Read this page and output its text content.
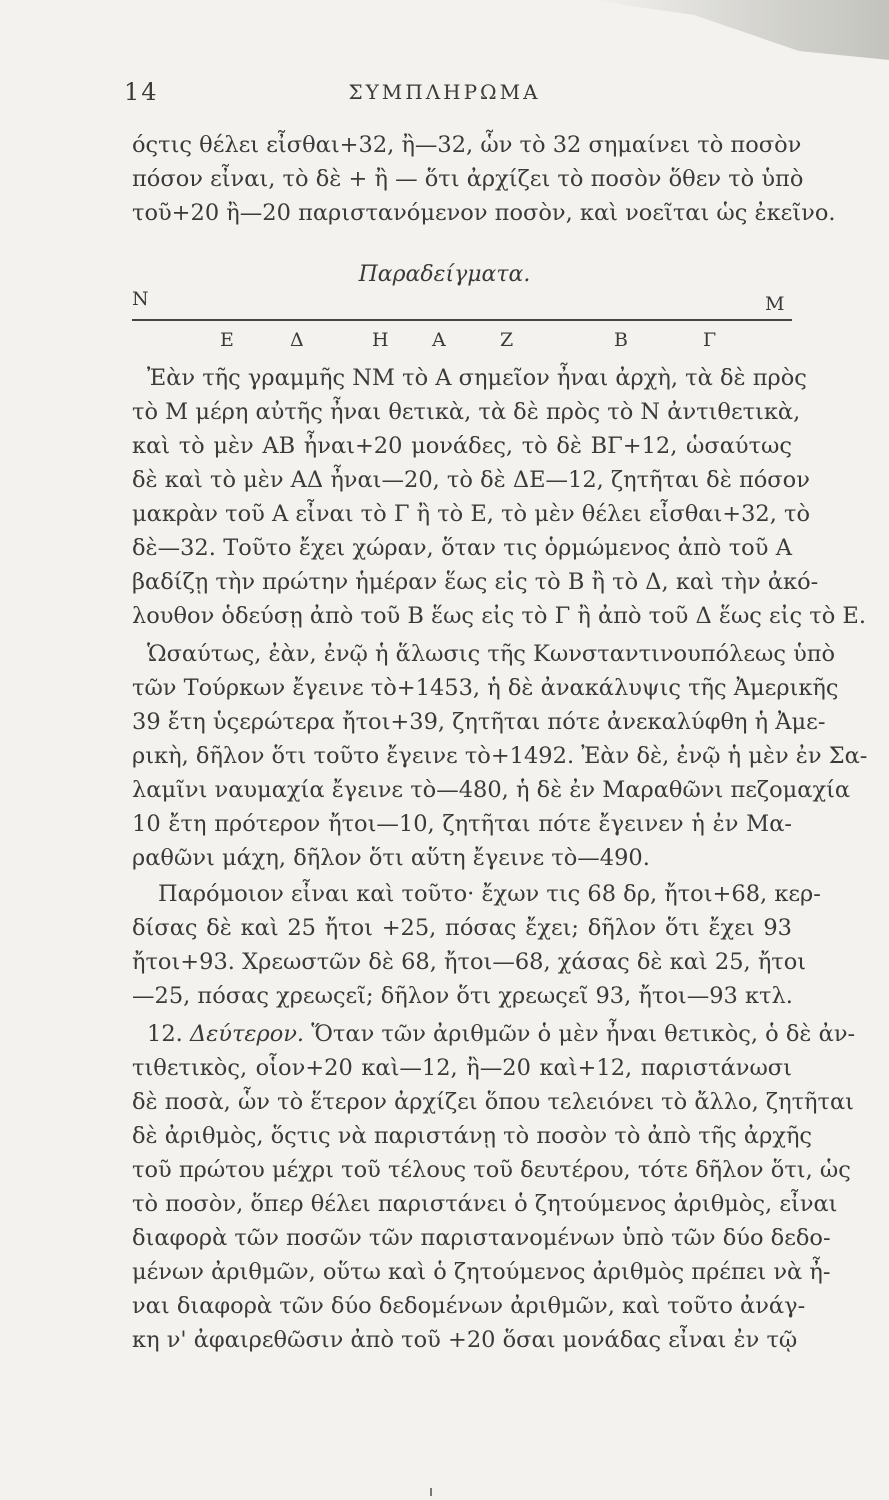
14	ΣΥΜΠΛΗΡΩΜΑ
όςτις θέλει εἶσθαι+32, ἢ—32, ὧν τὸ 32 σημαίνει τὸ ποσὸν
πόσον εἶναι, τὸ δὲ + ἢ — ὅτι ἀρχίζει τὸ ποσὸν ὅθεν τὸ ὑπὸ
τοῦ+20 ἢ—20 παριστανόμενον ποσὸν, καὶ νοεῖται ὡς ἐκεῖνο.
Παραδείγματα.
N	M
E	Δ	H A	Z	B	Γ
Ἐὰν τῆς γραμμῆς ΝΜ τὸ Α σημεῖον ἦναι ἀρχὴ, τὰ δὲ πρὸς
τὸ Μ μέρη αὐτῆς ἦναι θετικὰ, τὰ δὲ πρὸς τὸ Ν ἀντιθετικὰ,
καὶ τὸ μὲν ΑΒ ἦναι+20 μονάδες, τὸ δὲ ΒΓ+12, ὡσαύτως
δὲ καὶ τὸ μὲν ΑΔ ἦναι—20, τὸ δὲ ΔΕ—12, ζητῆται δὲ πόσον
μακρὰν τοῦ Α εἶναι τὸ Γ ἢ τὸ Ε, τὸ μὲν θέλει εἶσθαι+32, τὸ
δὲ—32. Τοῦτο ἔχει χώραν, ὅταν τις ὁρμώμενος ἀπὸ τοῦ Α
βαδίζῃ τὴν πρώτην ἡμέραν ἕως εἰς τὸ Β ἢ τὸ Δ, καὶ τὴν ἀκό-
λουθον ὁδεύσῃ ἀπὸ τοῦ Β ἕως εἰς τὸ Γ ἢ ἀπὸ τοῦ Δ ἕως εἰς τὸ Ε.
Ὡσαύτως, ἐὰν, ἐνῷ ἡ ἅλωσις τῆς Κωνσταντινουπόλεως ὑπὸ
τῶν Τούρκων ἔγεινε τὸ+1453, ἡ δὲ ἀνακάλυψις τῆς Ἀμερικῆς
39 ἔτη ὑςερώτερα ἤτοι+39, ζητῆται πότε ἀνεκαλύφθη ἡ Ἀμε-
ρικὴ, δῆλον ὅτι τοῦτο ἔγεινε τὸ+1492. Ἐὰν δὲ, ἐνῷ ἡ μὲν ἐν Σα-
λαμῖνι ναυμαχία ἔγεινε τὸ—480, ἡ δὲ ἐν Μαραθῶνι πεζομαχία
10 ἔτη πρότερον ἤτοι—10, ζητῆται πότε ἔγεινεν ἡ ἐν Μα-
ραθῶνι μάχη, δῆλον ὅτι αὕτη ἔγεινε τὸ—490.
Παρόμοιον εἶναι καὶ τοῦτο· ἔχων τις 68 δρ, ἤτοι+68, κερ-
δίσας δὲ καὶ 25 ἤτοι +25, πόσας ἔχει; δῆλον ὅτι ἔχει 93
ἤτοι+93. Χρεωστῶν δὲ 68, ἤτοι—68, χάσας δὲ καὶ 25, ἤτοι
—25, πόσας χρεωςεῖ; δῆλον ὅτι χρεωςεῖ 93, ἤτοι—93 κτλ.
12.
Δεύτερον.
Ὅταν τῶν ἀριθμῶν ὁ μὲν ἦναι θετικὸς, ὁ δὲ ἀν-
τιθετικὸς, οἷον+20 καὶ—12, ἢ—20 καὶ+12, παριστάνωσι
δὲ ποσὰ, ὧν τὸ ἕτερον ἀρχίζει ὅπου τελειόνει τὸ ἄλλο, ζητῆται
δὲ ἀριθμὸς, ὅςτις νὰ παριστάνῃ τὸ ποσὸν τὸ ἀπὸ τῆς ἀρχῆς
τοῦ πρώτου μέχρι τοῦ τέλους τοῦ δευτέρου, τότε δῆλον ὅτι, ὡς
τὸ ποσὸν, ὅπερ θέλει παριστάνει ὁ ζητούμενος ἀριθμὸς, εἶναι
διαφορὰ τῶν ποσῶν τῶν παριστανομένων ὑπὸ τῶν δύο δεδο-
μένων ἀριθμῶν, οὕτω καὶ ὁ ζητούμενος ἀριθμὸς πρέπει νὰ ἦ-
ναι διαφορὰ τῶν δύο δεδομένων ἀριθμῶν, καὶ τοῦτο ἀνάγ-
κη ν' ἀφαιρεθῶσιν ἀπὸ τοῦ +20 ὅσαι μονάδας εἶναι ἐν τῷ
